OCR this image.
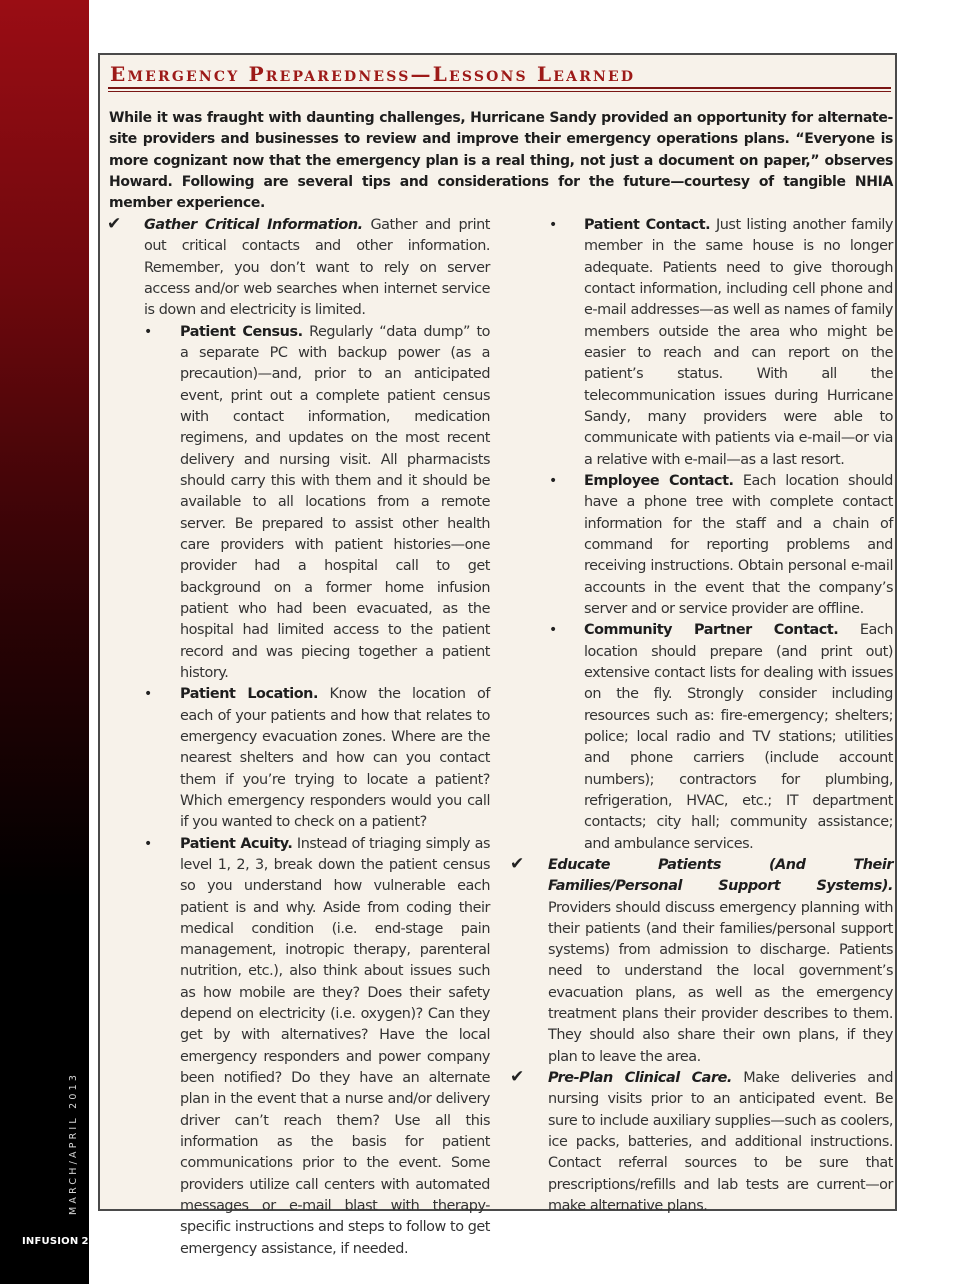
MARCH/APRIL 2013
INFUSION 26
Emergency Preparedness—Lessons Learned

While it was fraught with daunting challenges, Hurricane Sandy provided an opportunity for alternate-site providers and businesses to review and improve their emergency operations plans. “Everyone is more cognizant now that the emergency plan is a real thing, not just a document on paper,” observes Howard. Following are several tips and considerations for the future—courtesy of tangible NHIA member experience.

✔ Gather Critical Information. Gather and print out critical contacts and other information. Remember, you don’t want to rely on server access and/or web searches when internet service is down and electricity is limited.
• Patient Census. Regularly “data dump” to a separate PC with backup power (as a precaution)—and, prior to an anticipated event, print out a complete patient census with contact information, medication regimens, and updates on the most recent delivery and nursing visit. All pharmacists should carry this with them and it should be available to all locations from a remote server. Be prepared to assist other health care providers with patient histories—one provider had a hospital call to get background on a former home infusion patient who had been evacuated, as the hospital had limited access to the patient record and was piecing together a patient history.
• Patient Location. Know the location of each of your patients and how that relates to emergency evacuation zones. Where are the nearest shelters and how can you contact them if you’re trying to locate a patient? Which emergency responders would you call if you wanted to check on a patient?
• Patient Acuity. Instead of triaging simply as level 1, 2, 3, break down the patient census so you understand how vulnerable each patient is and why. Aside from coding their medical condition (i.e. end-stage pain management, inotropic therapy, parenteral nutrition, etc.), also think about issues such as how mobile are they? Does their safety depend on electricity (i.e. oxygen)? Can they get by with alternatives? Have the local emergency responders and power company been notified? Do they have an alternate plan in the event that a nurse and/or delivery driver can’t reach them? Use all this information as the basis for patient communications prior to the event. Some providers utilize call centers with automated messages or e-mail blast with therapy-specific instructions and steps to follow to get emergency assistance, if needed.
• Patient Contact. Just listing another family member in the same house is no longer adequate. Patients need to give thorough contact information, including cell phone and e-mail addresses—as well as names of family members outside the area who might be easier to reach and can report on the patient’s status. With all the telecommunication issues during Hurricane Sandy, many providers were able to communicate with patients via e-mail—or via a relative with e-mail—as a last resort.
• Employee Contact. Each location should have a phone tree with complete contact information for the staff and a chain of command for reporting problems and receiving instructions. Obtain personal e-mail accounts in the event that the company’s server and or service provider are offline.
• Community Partner Contact. Each location should prepare (and print out) extensive contact lists for dealing with issues on the fly. Strongly consider including resources such as: fire-emergency; shelters; police; local radio and TV stations; utilities and phone carriers (include account numbers); contractors for plumbing, refrigeration, HVAC, etc.; IT department contacts; city hall; community assistance; and ambulance services.
✔ Educate Patients (And Their Families/Personal Support Systems). Providers should discuss emergency planning with their patients (and their families/personal support systems) from admission to discharge. Patients need to understand the local government’s evacuation plans, as well as the emergency treatment plans their provider describes to them. They should also share their own plans, if they plan to leave the area.
✔ Pre-Plan Clinical Care. Make deliveries and nursing visits prior to an anticipated event. Be sure to include auxiliary supplies—such as coolers, ice packs, batteries, and additional instructions. Contact referral sources to be sure that prescriptions/refills and lab tests are current—or make alternative plans.
